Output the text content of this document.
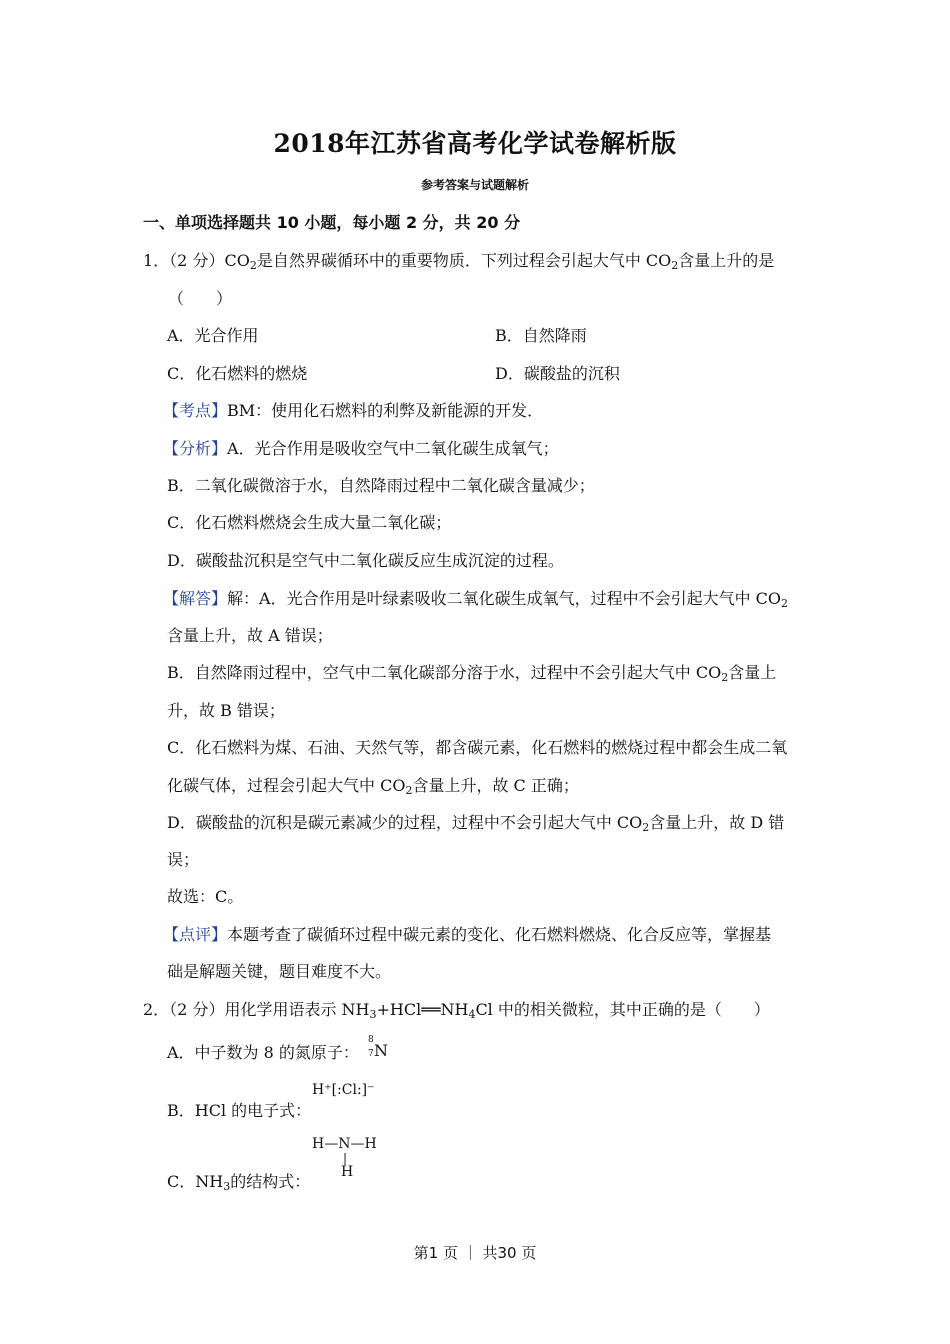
2018年江苏省高考化学试卷解析版
参考答案与试题解析
一、单项选择题共 10 小题，每小题 2 分，共 20 分
1．（2 分）$CO_2$是自然界碳循环中的重要物质．下列过程会引起大气中 $CO_2$含量上升的是
（　　）
A．光合作用	B．自然降雨
C．化石燃料的燃烧	D．碳酸盐的沉积
【考点】BM：使用化石燃料的利弊及新能源的开发．
【分析】A．光合作用是吸收空气中二氧化碳生成氧气；
B．二氧化碳微溶于水，自然降雨过程中二氧化碳含量减少；
C．化石燃料燃烧会生成大量二氧化碳；
D．碳酸盐沉积是空气中二氧化碳反应生成沉淀的过程。
【解答】解：A．光合作用是叶绿素吸收二氧化碳生成氧气，过程中不会引起大气中 $CO_2$
含量上升，故 A 错误；
B．自然降雨过程中，空气中二氧化碳部分溶于水，过程中不会引起大气中 $CO_2$含量上
升，故 B 错误；
C．化石燃料为煤、石油、天然气等，都含碳元素，化石燃料的燃烧过程中都会生成二氧
化碳气体，过程会引起大气中 $CO_2$含量上升，故 C 正确；
D．碳酸盐的沉积是碳元素减少的过程，过程中不会引起大气中 $CO_2$含量上升，故 D 错
误；
故选：C。
【点评】本题考查了碳循环过程中碳元素的变化、化石燃料燃烧、化合反应等，掌握基
础是解题关键，题目难度不大。
2．（2 分）用化学用语表示 $NH_3+HCl══NH_4Cl$ 中的相关微粒，其中正确的是（　　）
A．中子数为 8 的氮原子：
8
7 N
B．HCl 的电子式：
H⁺[:Cl:]⁻
H—N—H
|
H
C．$NH_3$的结构式：
第1 页 ｜ 共30 页
